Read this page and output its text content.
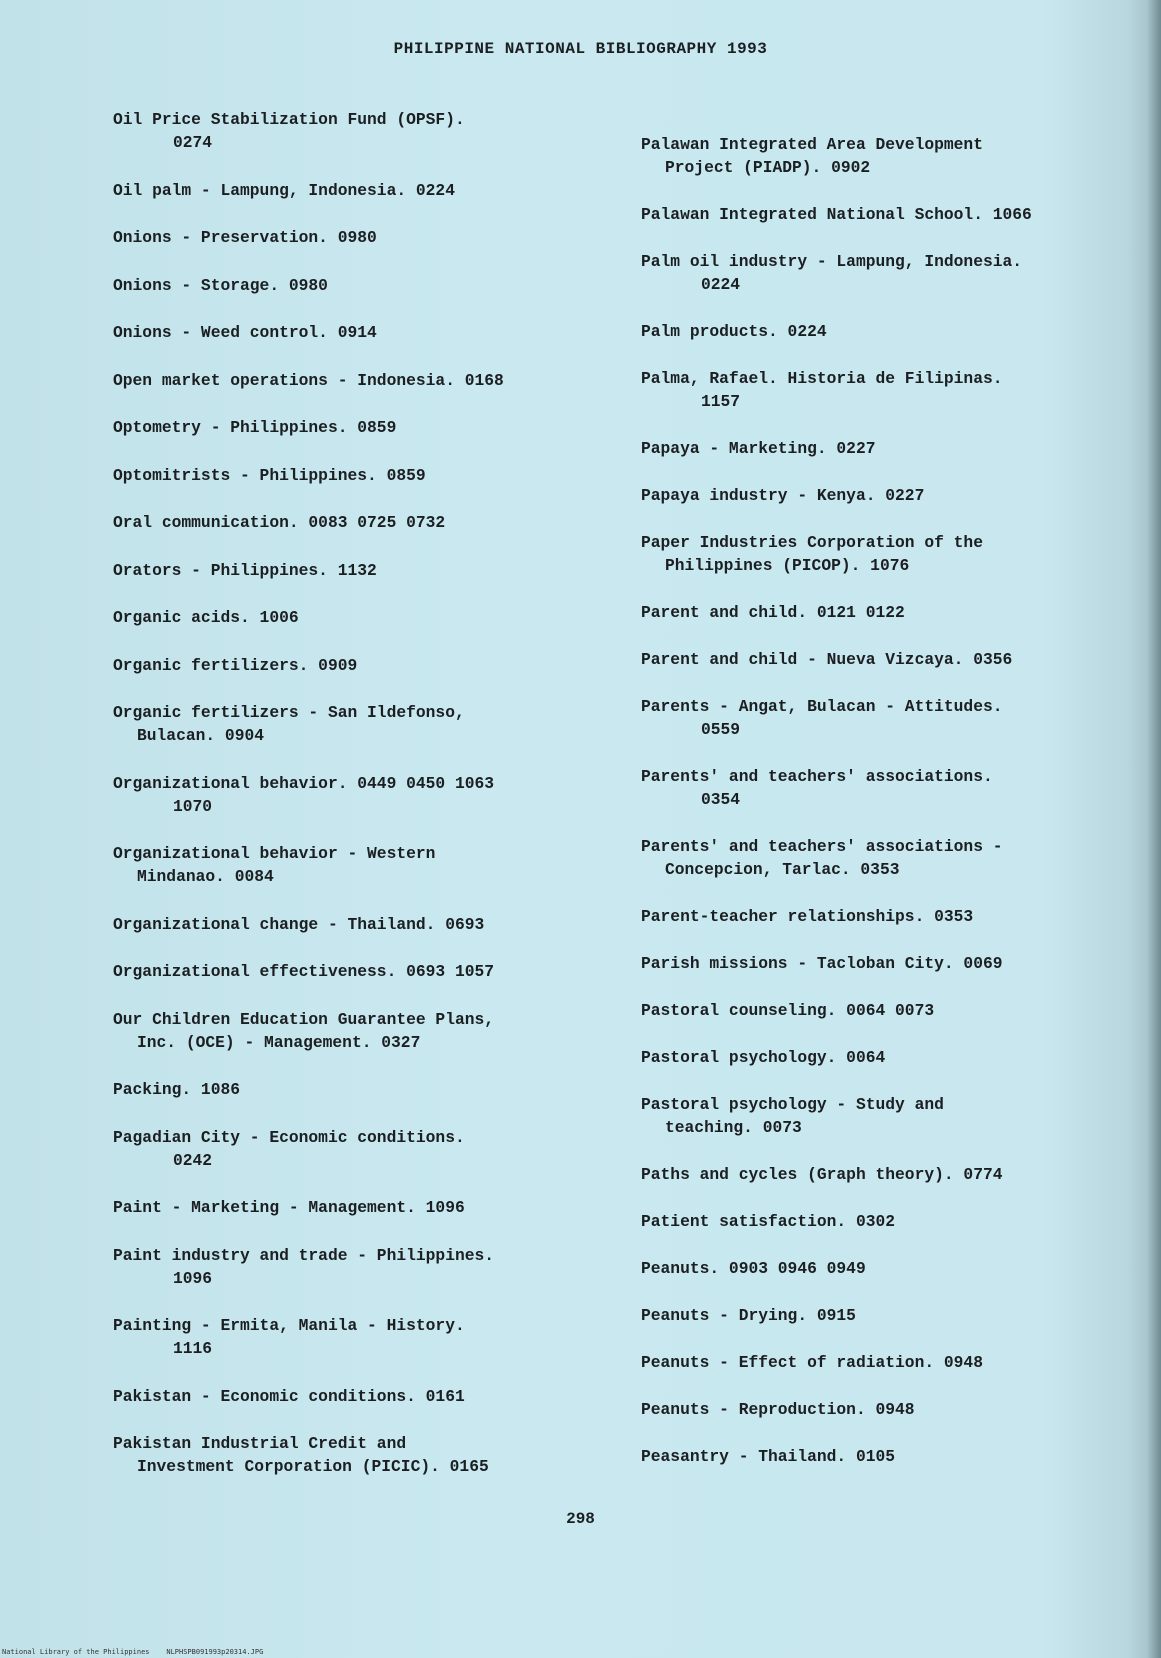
PHILIPPINE NATIONAL BIBLIOGRAPHY 1993
Oil Price Stabilization Fund (OPSF).
0274
Oil palm - Lampung, Indonesia. 0224
Onions - Preservation. 0980
Onions - Storage. 0980
Onions - Weed control. 0914
Open market operations - Indonesia. 0168
Optometry - Philippines. 0859
Optomitrists - Philippines. 0859
Oral communication. 0083 0725 0732
Orators - Philippines. 1132
Organic acids. 1006
Organic fertilizers. 0909
Organic fertilizers - San Ildefonso,
Bulacan. 0904
Organizational behavior. 0449 0450 1063
1070
Organizational behavior - Western
Mindanao. 0084
Organizational change - Thailand. 0693
Organizational effectiveness. 0693 1057
Our Children Education Guarantee Plans,
Inc. (OCE) - Management. 0327
Packing. 1086
Pagadian City - Economic conditions.
0242
Paint - Marketing - Management. 1096
Paint industry and trade - Philippines.
1096
Painting - Ermita, Manila - History.
1116
Pakistan - Economic conditions. 0161
Pakistan Industrial Credit and
Investment Corporation (PICIC). 0165
Palawan Integrated Area Development
Project (PIADP). 0902
Palawan Integrated National School. 1066
Palm oil industry - Lampung, Indonesia.
0224
Palm products. 0224
Palma, Rafael. Historia de Filipinas.
1157
Papaya - Marketing. 0227
Papaya industry - Kenya. 0227
Paper Industries Corporation of the
Philippines (PICOP). 1076
Parent and child. 0121 0122
Parent and child - Nueva Vizcaya. 0356
Parents - Angat, Bulacan - Attitudes.
0559
Parents' and teachers' associations.
0354
Parents' and teachers' associations -
Concepcion, Tarlac. 0353
Parent-teacher relationships. 0353
Parish missions - Tacloban City. 0069
Pastoral counseling. 0064 0073
Pastoral psychology. 0064
Pastoral psychology - Study and
teaching. 0073
Paths and cycles (Graph theory). 0774
Patient satisfaction. 0302
Peanuts. 0903 0946 0949
Peanuts - Drying. 0915
Peanuts - Effect of radiation. 0948
Peanuts - Reproduction. 0948
Peasantry - Thailand. 0105
298
National Library of the Philippines    NLPHSPB091993p20314.JPG
